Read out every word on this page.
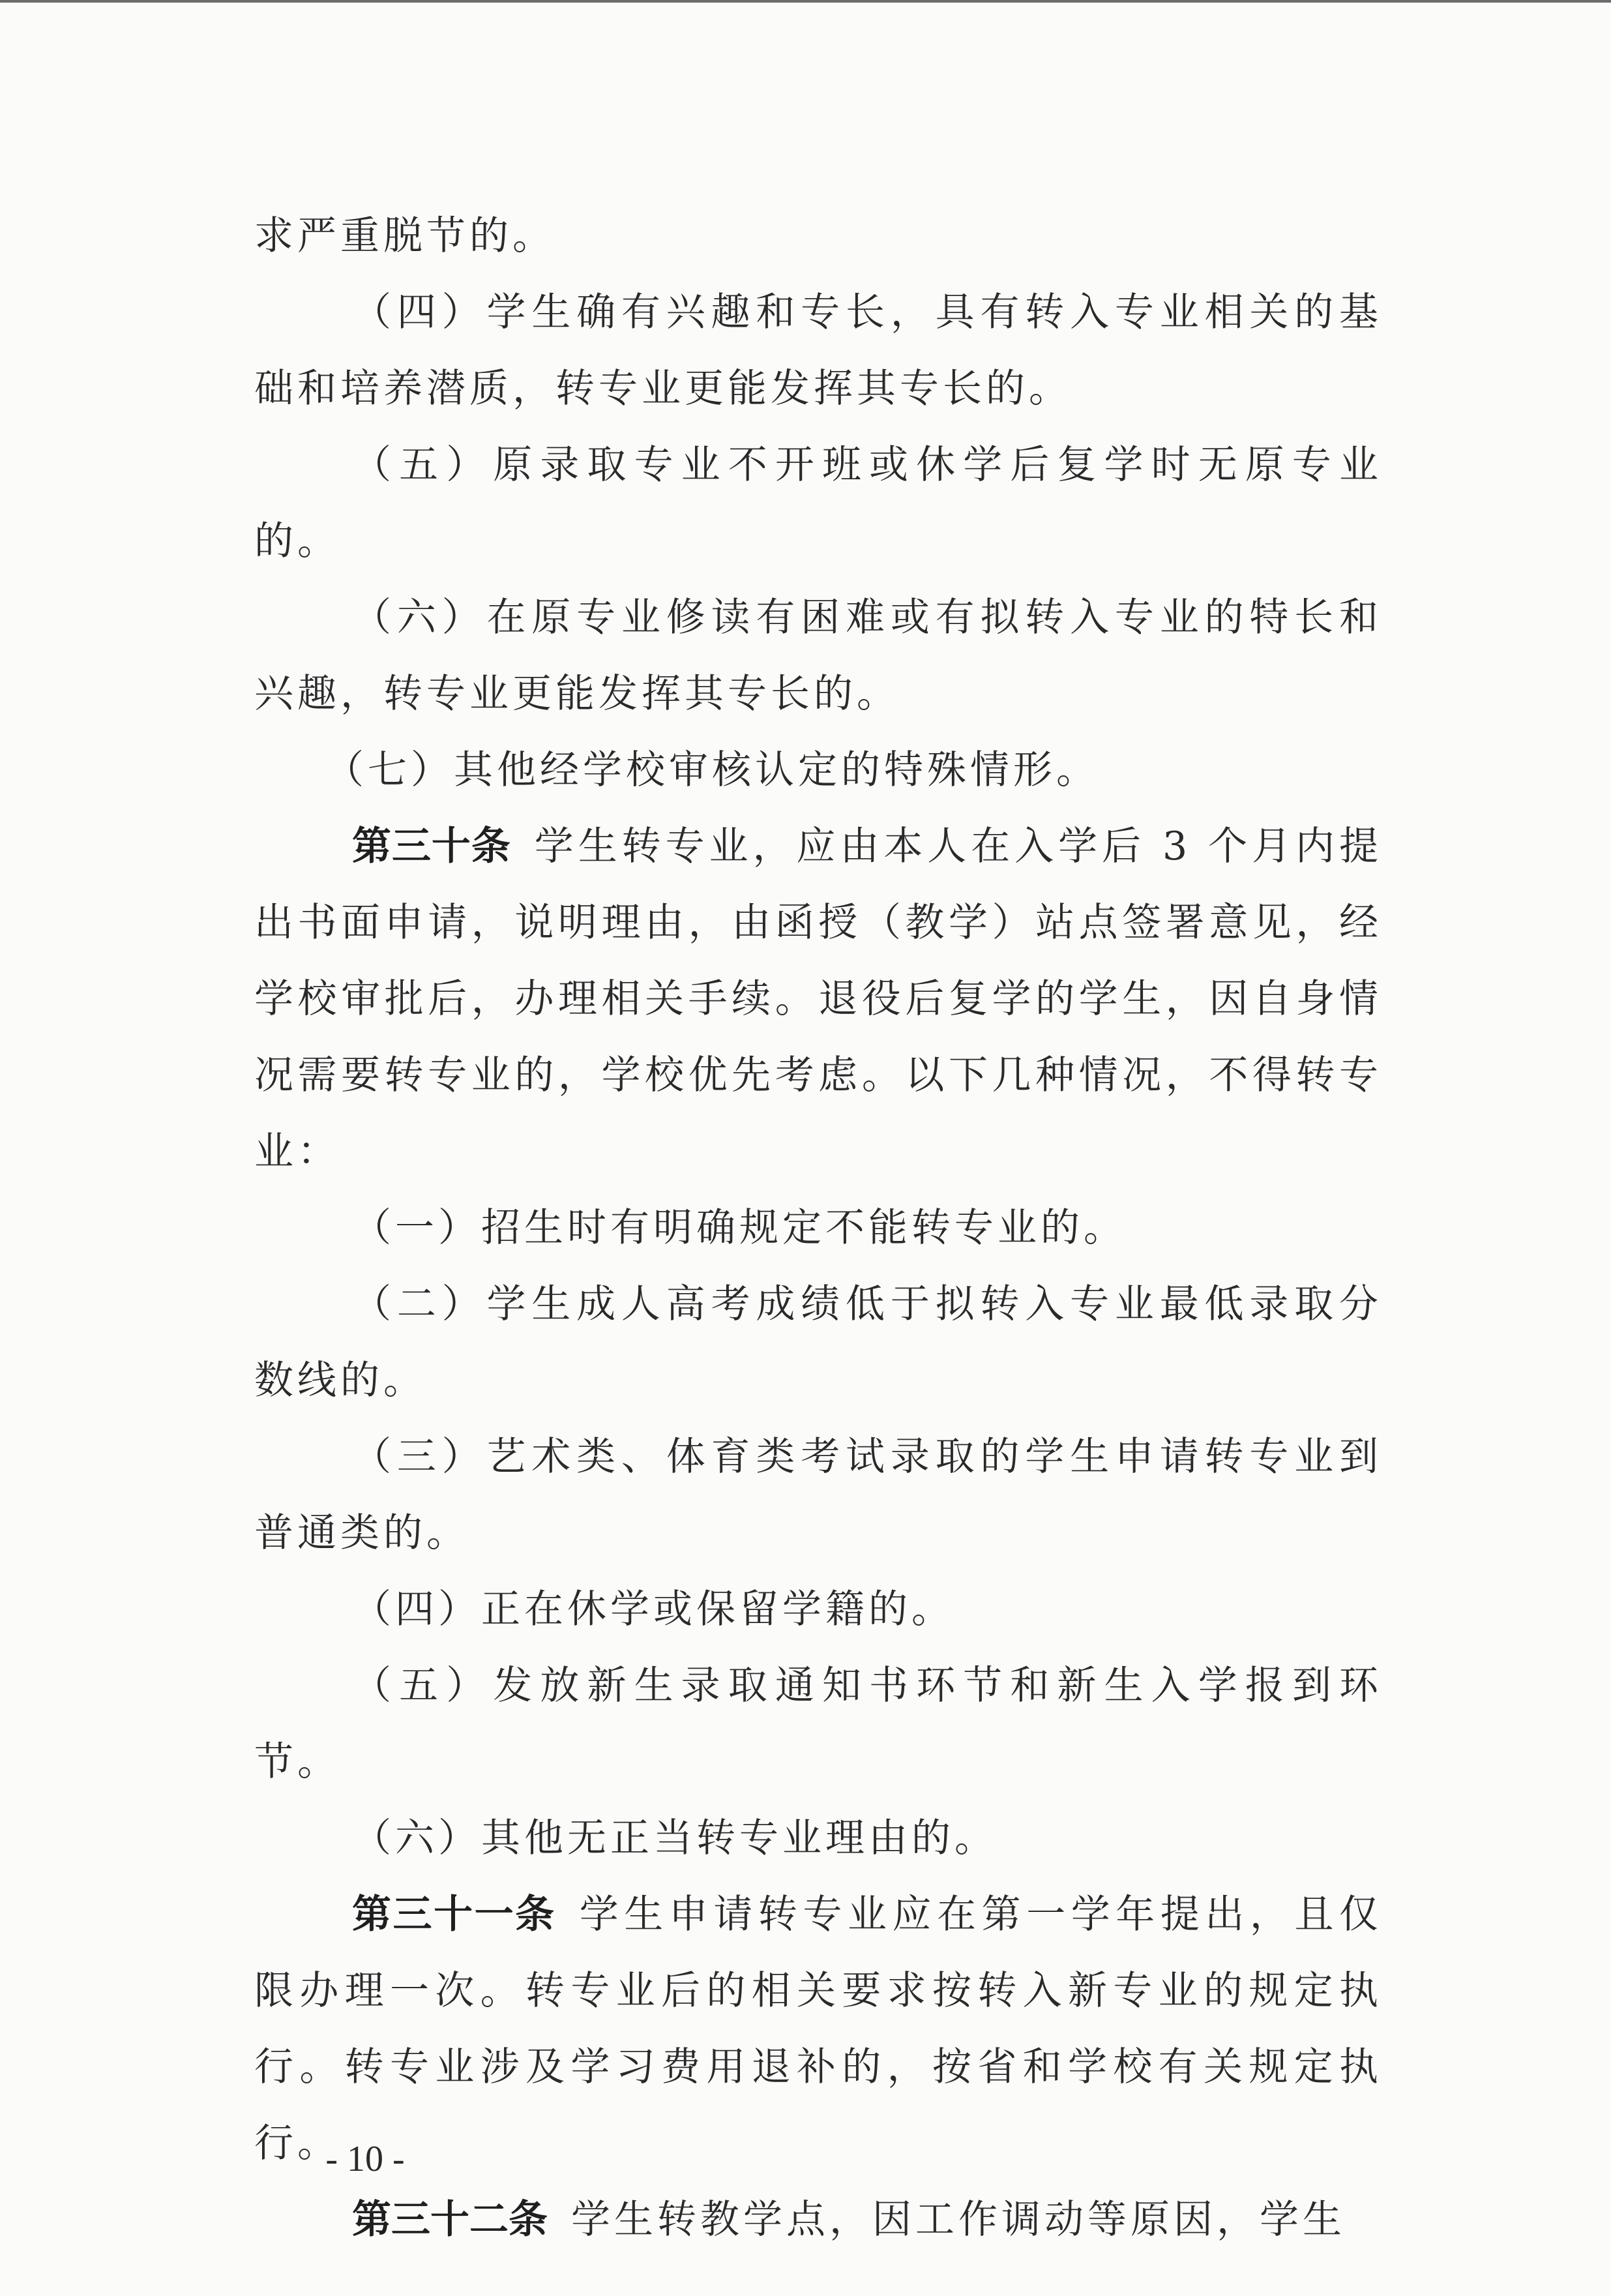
求严重脱节的。

（四）学生确有兴趣和专长，具有转入专业相关的基础和培养潜质，转专业更能发挥其专长的。

（五）原录取专业不开班或休学后复学时无原专业的。

（六）在原专业修读有困难或有拟转入专业的特长和兴趣，转专业更能发挥其专长的。

（七）其他经学校审核认定的特殊情形。

第三十条 学生转专业，应由本人在入学后 3 个月内提出书面申请，说明理由，由函授（教学）站点签署意见，经学校审批后，办理相关手续。退役后复学的学生，因自身情况需要转专业的，学校优先考虑。以下几种情况，不得转专业：

（一）招生时有明确规定不能转专业的。

（二）学生成人高考成绩低于拟转入专业最低录取分数线的。

（三）艺术类、体育类考试录取的学生申请转专业到普通类的。

（四）正在休学或保留学籍的。

（五）发放新生录取通知书环节和新生入学报到环节。

（六）其他无正当转专业理由的。

第三十一条 学生申请转专业应在第一学年提出，且仅限办理一次。转专业后的相关要求按转入新专业的规定执行。转专业涉及学习费用退补的，按省和学校有关规定执行。

第三十二条 学生转教学点，因工作调动等原因，学生

- 10 -
